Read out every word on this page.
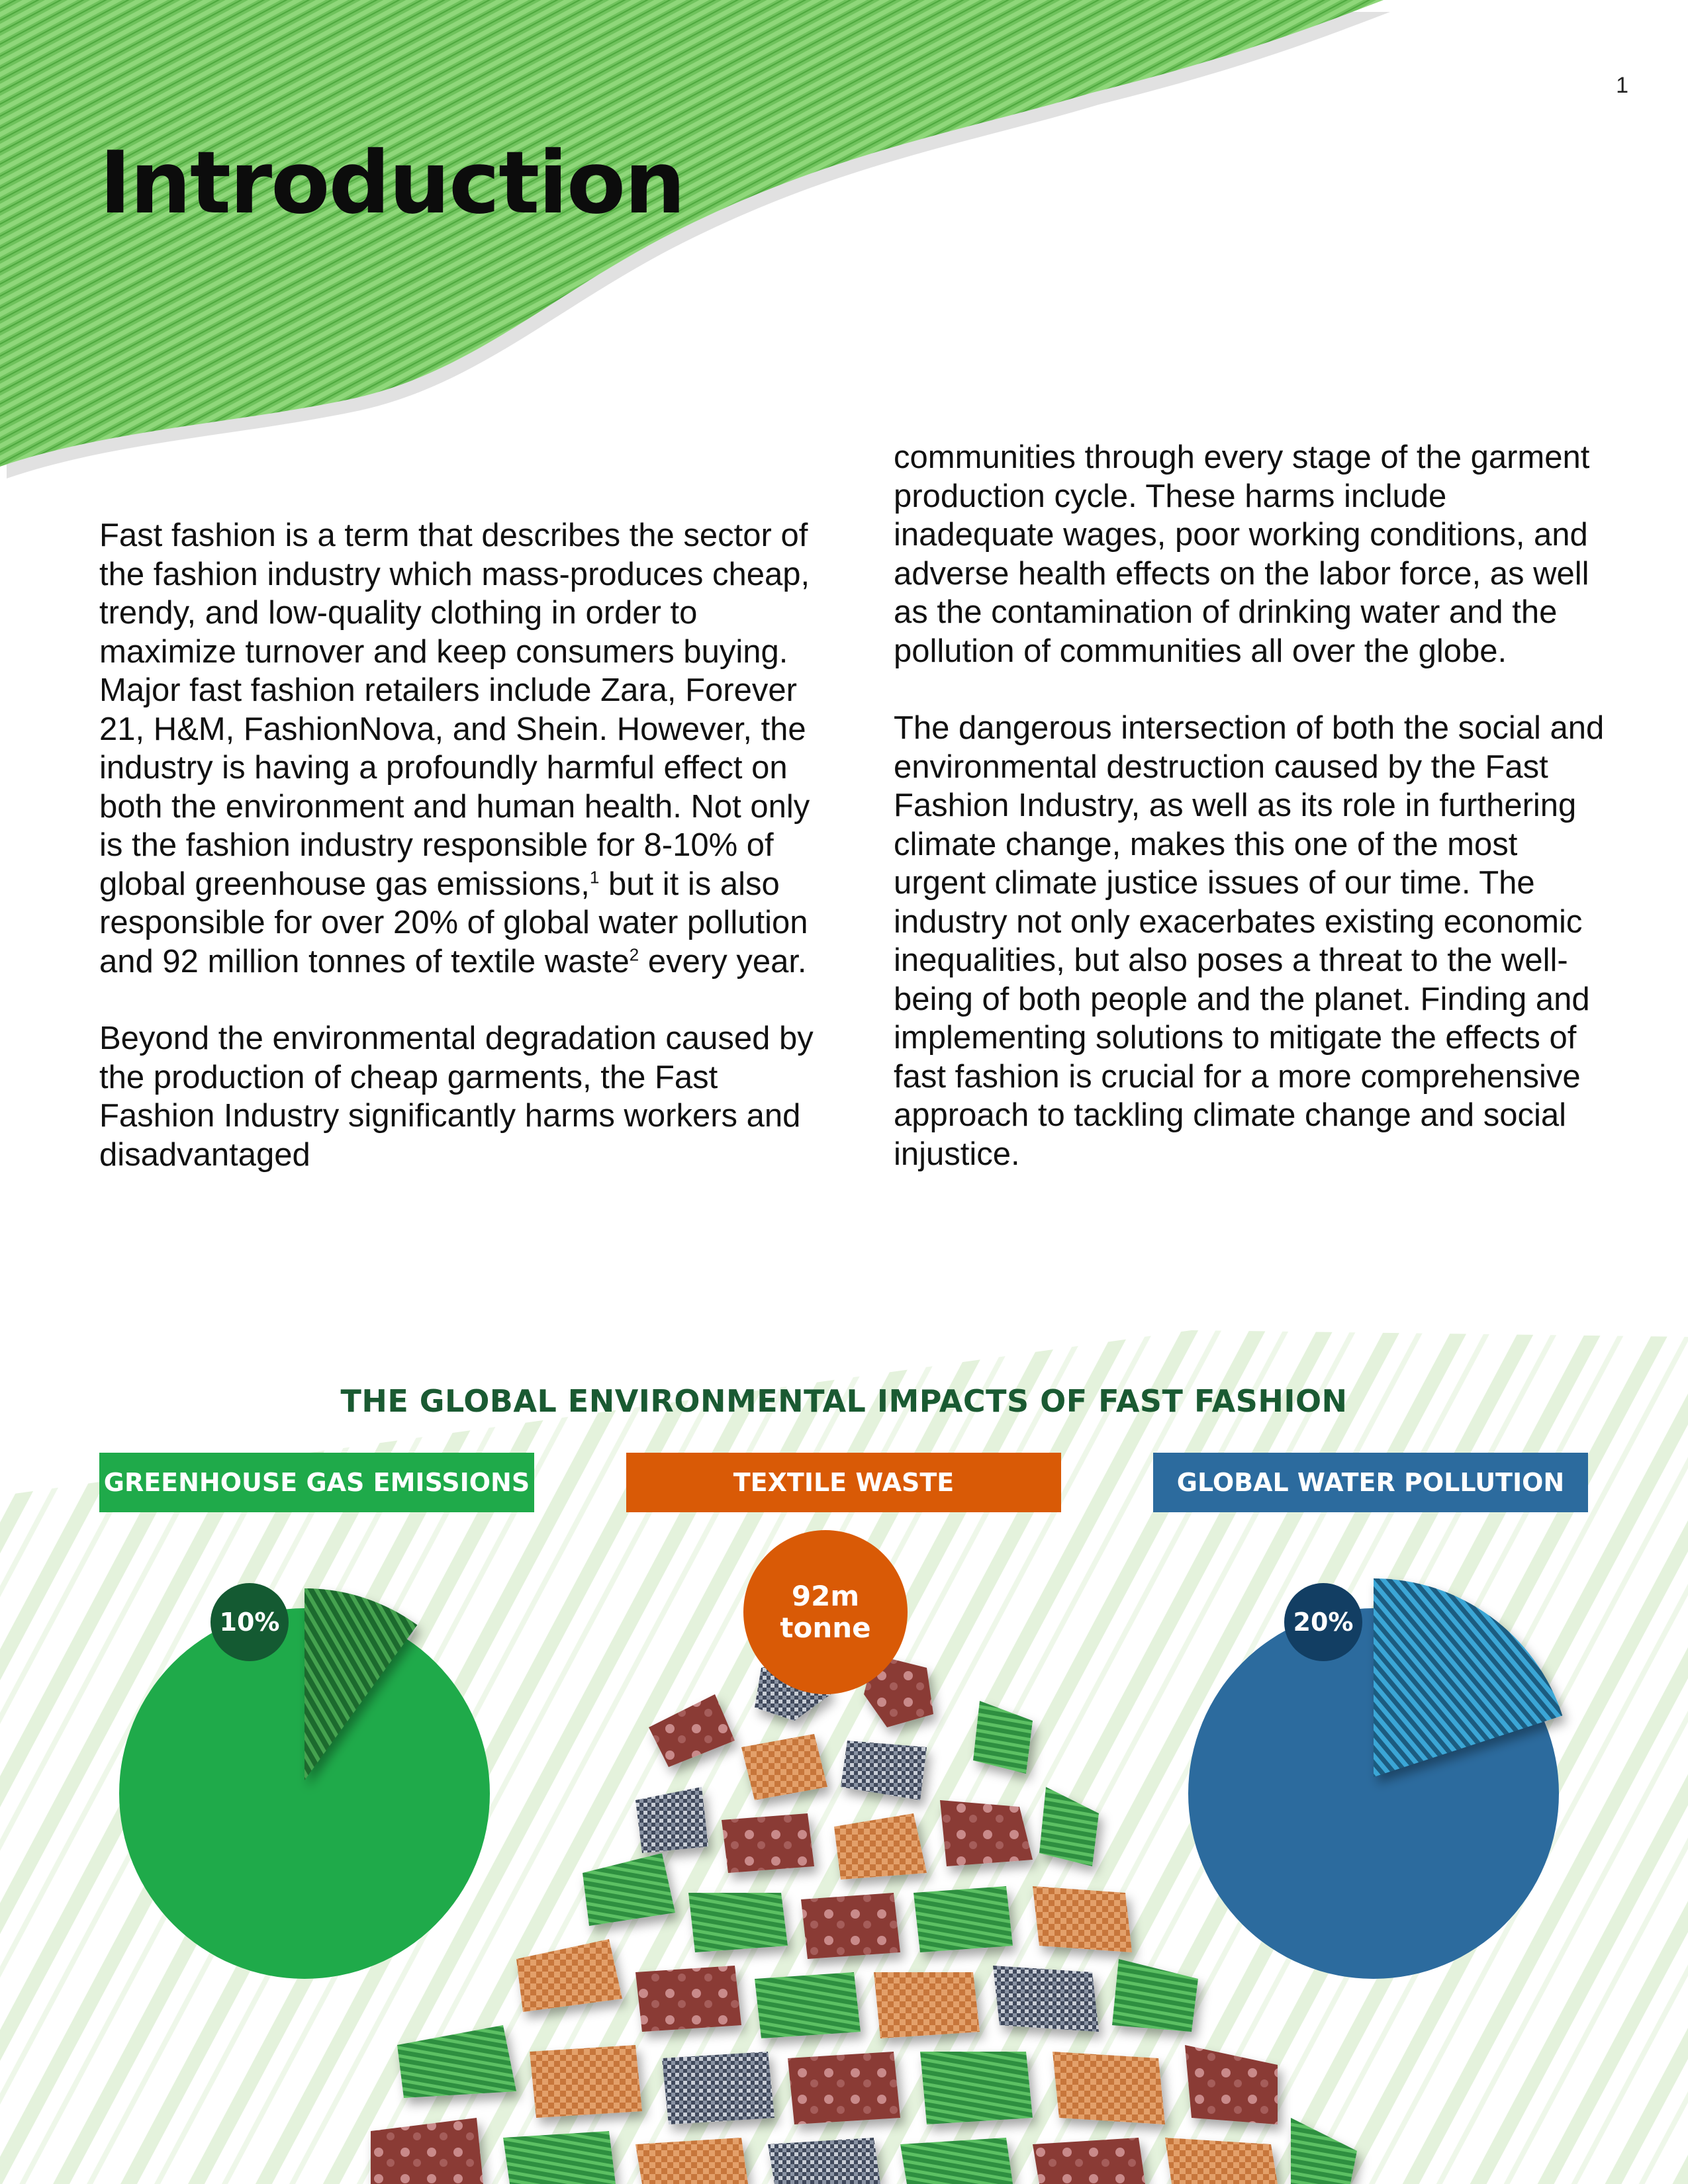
1
Introduction

Fast fashion is a term that describes the sector of the fashion industry which mass-produces cheap, trendy, and low-quality clothing in order to maximize turnover and keep consumers buying. Major fast fashion retailers include Zara, Forever 21, H&M, FashionNova, and Shein. However, the industry is having a profoundly harmful effect on both the environment and human health. Not only is the fashion industry responsible for 8-10% of global greenhouse gas emissions,$^1$ but it is also responsible for over 20% of global water pollution and 92 million tonnes of textile waste$^2$ every year.

Beyond the environmental degradation caused by the production of cheap garments, the Fast Fashion Industry significantly harms workers and disadvantaged

communities through every stage of the garment production cycle. These harms include inadequate wages, poor working conditions, and adverse health effects on the labor force, as well as the contamination of drinking water and the pollution of communities all over the globe.

The dangerous intersection of both the social and environmental destruction caused by the Fast Fashion Industry, as well as its role in furthering climate change, makes this one of the most urgent climate justice issues of our time. The industry not only exacerbates existing economic inequalities, but also poses a threat to the well-being of both people and the planet. Finding and implementing solutions to mitigate the effects of fast fashion is crucial for a more comprehensive approach to tackling climate change and social injustice.

THE GLOBAL ENVIRONMENTAL IMPACTS OF FAST FASHION
GREENHOUSE GAS EMISSIONS	TEXTILE WASTE	GLOBAL WATER POLLUTION
10%	20%
92m
tonne
